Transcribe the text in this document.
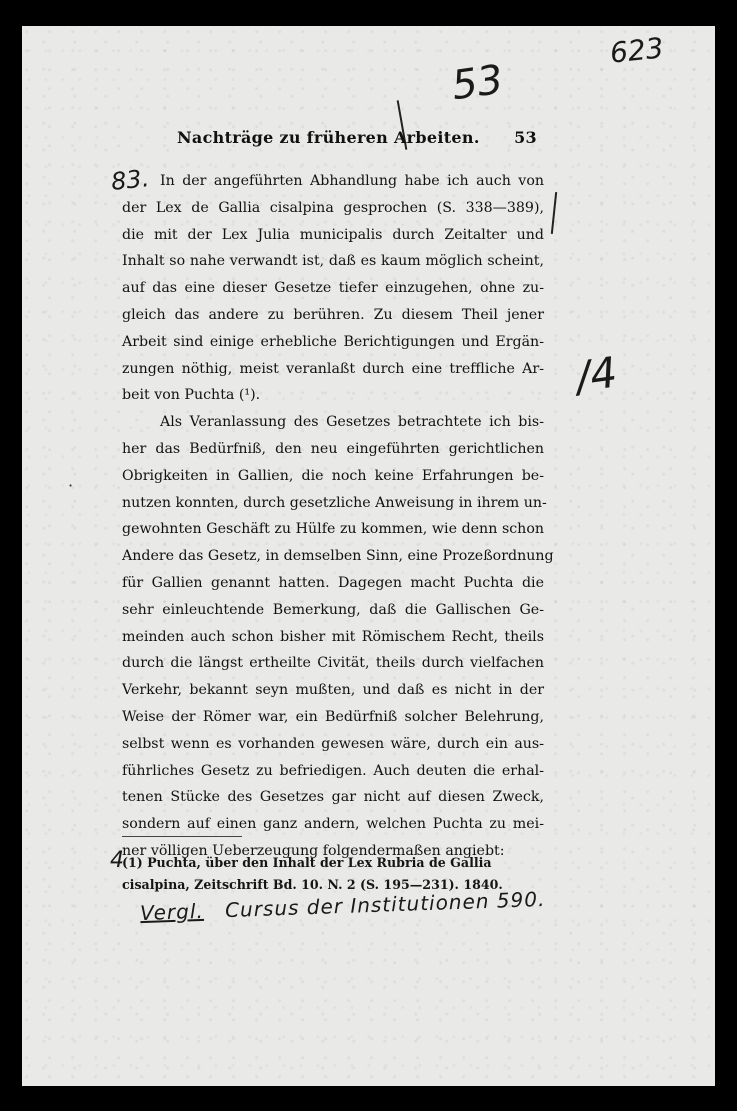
623
53
Nachträge zu früheren Arbeiten. 53
83.
/4
·

In der angeführten Abhandlung habe ich auch von
der Lex de Gallia cisalpina gesprochen (S. 338—389),
die mit der Lex Julia municipalis durch Zeitalter und
Inhalt so nahe verwandt ist, daß es kaum möglich scheint,
auf das eine dieser Gesetze tiefer einzugehen, ohne zu-
gleich das andere zu berühren. Zu diesem Theil jener
Arbeit sind einige erhebliche Berichtigungen und Ergän-
zungen nöthig, meist veranlaßt durch eine treffliche Ar-
beit von Puchta (¹).

Als Veranlassung des Gesetzes betrachtete ich bis-
her das Bedürfniß, den neu eingeführten gerichtlichen
Obrigkeiten in Gallien, die noch keine Erfahrungen be-
nutzen konnten, durch gesetzliche Anweisung in ihrem un-
gewohnten Geschäft zu Hülfe zu kommen, wie denn schon
Andere das Gesetz, in demselben Sinn, eine Prozeßordnung
für Gallien genannt hatten. Dagegen macht Puchta die
sehr einleuchtende Bemerkung, daß die Gallischen Ge-
meinden auch schon bisher mit Römischem Recht, theils
durch die längst ertheilte Civität, theils durch vielfachen
Verkehr, bekannt seyn mußten, und daß es nicht in der
Weise der Römer war, ein Bedürfniß solcher Belehrung,
selbst wenn es vorhanden gewesen wäre, durch ein aus-
führliches Gesetz zu befriedigen. Auch deuten die erhal-
tenen Stücke des Gesetzes gar nicht auf diesen Zweck,
sondern auf einen ganz andern, welchen Puchta zu mei-
ner völligen Ueberzeugung folgendermaßen angiebt:

4
(1) Puchta, über den Inhalt der Lex Rubria de Gallia
cisalpina, Zeitschrift Bd. 10. N. 2 (S. 195—231). 1840.
Vergl. Cursus der Institutionen 590.
